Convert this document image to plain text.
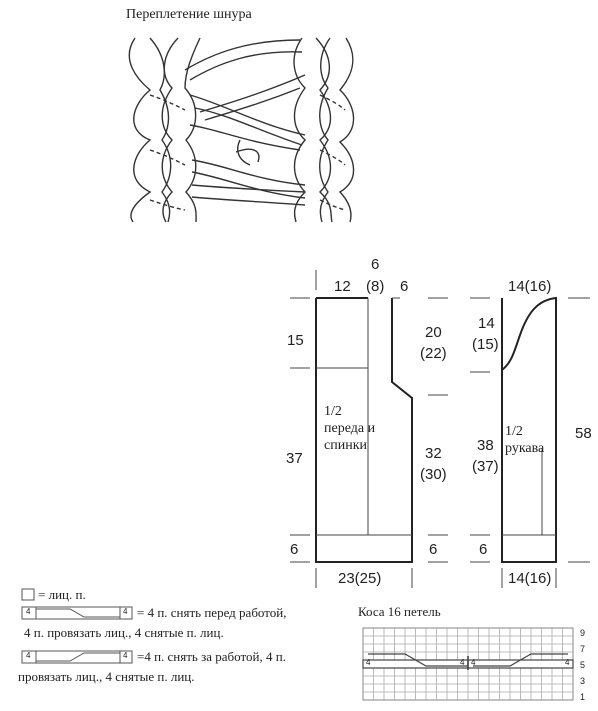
Переплетение шнура
12
6
(8) 6
15
37
6
20
(22)
32
(30)
6
23(25)
1/2
переда и
спинки
14(16)
14
(15)
38
(37)
6
58
14(16)
1/2
рукава
= лиц. п.
4	4 = 4 п. снять перед работой,
4 п. провязать лиц., 4 снятые п. лиц.
4	4 =4 п. снять за работой, 4 п.
провязать лиц., 4 снятые п. лиц.
Коса 16 петель
9
7
5
3
1
4	4 4	4
